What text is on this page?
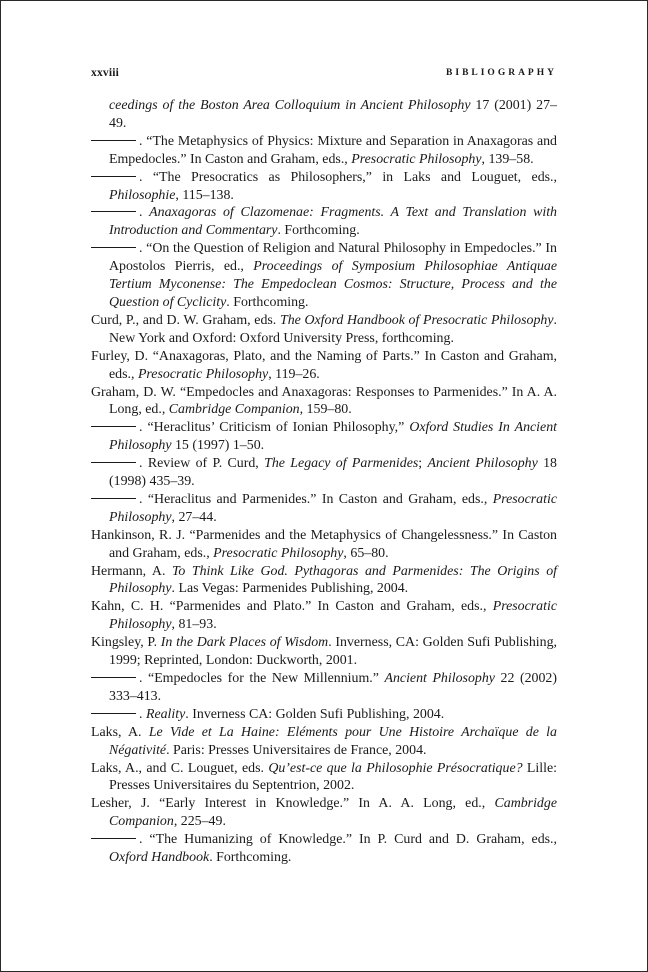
xxviii	BIBLIOGRAPHY

ceedings of the Boston Area Colloquium in Ancient Philosophy 17 (2001) 27–49.

. “The Metaphysics of Physics: Mixture and Separation in Anaxagoras and Empedocles.” In Caston and Graham, eds., Presocratic Philosophy, 139–58.

. “The Presocratics as Philosophers,” in Laks and Louguet, eds., Philosophie, 115–138.

. Anaxagoras of Clazomenae: Fragments. A Text and Translation with Introduction and Commentary. Forthcoming.

. “On the Question of Religion and Natural Philosophy in Empedocles.” In Apostolos Pierris, ed., Proceedings of Symposium Philosophiae Antiquae Tertium Myconense: The Empedoclean Cosmos: Structure, Process and the Question of Cyclicity. Forthcoming.

Curd, P., and D. W. Graham, eds. The Oxford Handbook of Presocratic Philosophy. New York and Oxford: Oxford University Press, forthcoming.

Furley, D. “Anaxagoras, Plato, and the Naming of Parts.” In Caston and Graham, eds., Presocratic Philosophy, 119–26.

Graham, D. W. “Empedocles and Anaxagoras: Responses to Parmenides.” In A. A. Long, ed., Cambridge Companion, 159–80.

. “Heraclitus’ Criticism of Ionian Philosophy,” Oxford Studies In Ancient Philosophy 15 (1997) 1–50.

. Review of P. Curd, The Legacy of Parmenides; Ancient Philosophy 18 (1998) 435–39.

. “Heraclitus and Parmenides.” In Caston and Graham, eds., Presocratic Philosophy, 27–44.

Hankinson, R. J. “Parmenides and the Metaphysics of Changelessness.” In Caston and Graham, eds., Presocratic Philosophy, 65–80.

Hermann, A. To Think Like God. Pythagoras and Parmenides: The Origins of Philosophy. Las Vegas: Parmenides Publishing, 2004.

Kahn, C. H. “Parmenides and Plato.” In Caston and Graham, eds., Presocratic Philosophy, 81–93.

Kingsley, P. In the Dark Places of Wisdom. Inverness, CA: Golden Sufi Publishing, 1999; Reprinted, London: Duckworth, 2001.

. “Empedocles for the New Millennium.” Ancient Philosophy 22 (2002) 333–413.

. Reality. Inverness CA: Golden Sufi Publishing, 2004.

Laks, A. Le Vide et La Haine: Eléments pour Une Histoire Archaïque de la Négativité. Paris: Presses Universitaires de France, 2004.

Laks, A., and C. Louguet, eds. Qu’est-ce que la Philosophie Présocratique? Lille: Presses Universitaires du Septentrion, 2002.

Lesher, J. “Early Interest in Knowledge.” In A. A. Long, ed., Cambridge Companion, 225–49.

. “The Humanizing of Knowledge.” In P. Curd and D. Graham, eds., Oxford Handbook. Forthcoming.
